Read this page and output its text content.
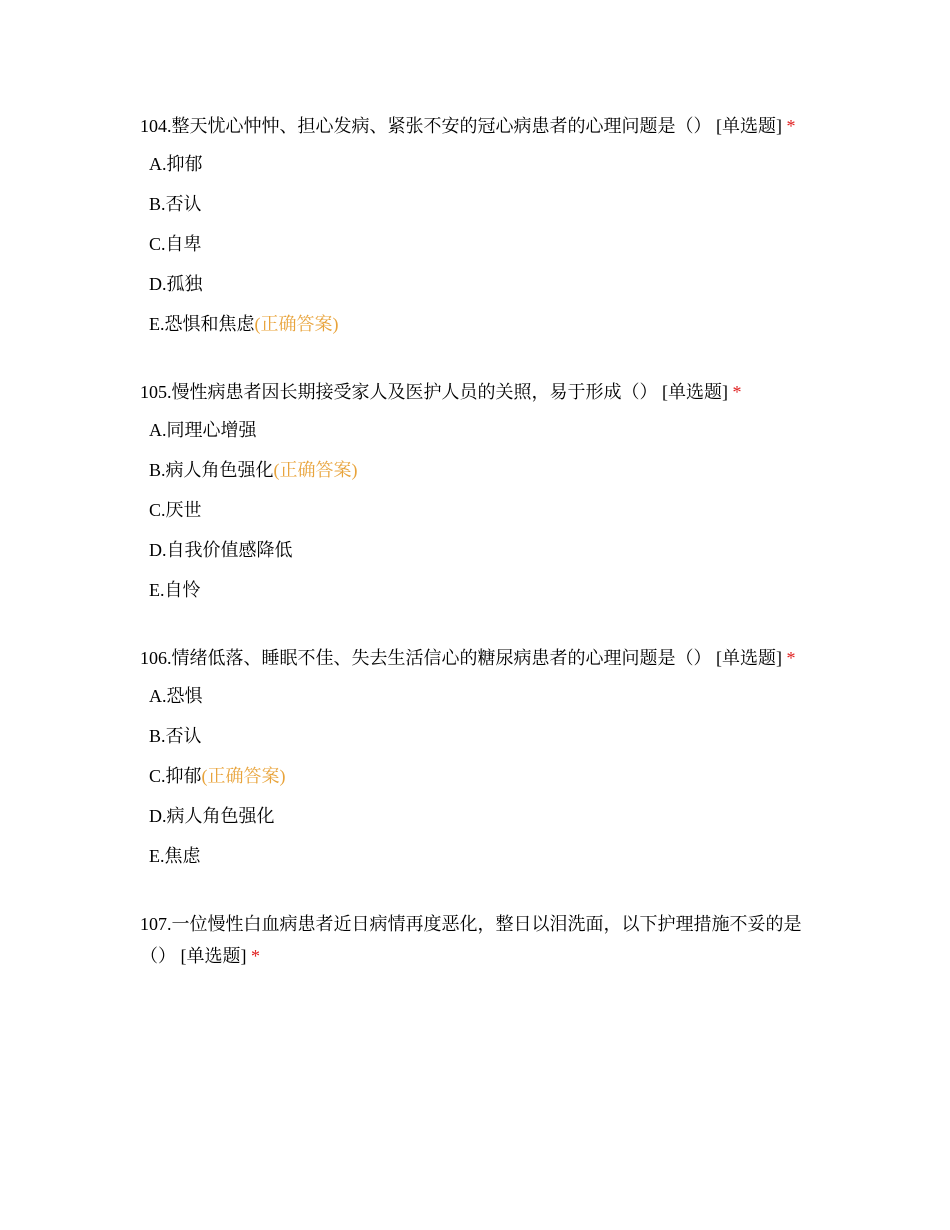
104.整天忧心忡忡、担心发病、紧张不安的冠心病患者的心理问题是（） [单选题] *
A.抑郁
B.否认
C.自卑
D.孤独
E.恐惧和焦虑(正确答案)
105.慢性病患者因长期接受家人及医护人员的关照，易于形成（） [单选题] *
A.同理心增强
B.病人角色强化(正确答案)
C.厌世
D.自我价值感降低
E.自怜
106.情绪低落、睡眠不佳、失去生活信心的糖尿病患者的心理问题是（） [单选题] *
A.恐惧
B.否认
C.抑郁(正确答案)
D.病人角色强化
E.焦虑
107.一位慢性白血病患者近日病情再度恶化，整日以泪洗面，以下护理措施不妥的是（） [单选题] *
